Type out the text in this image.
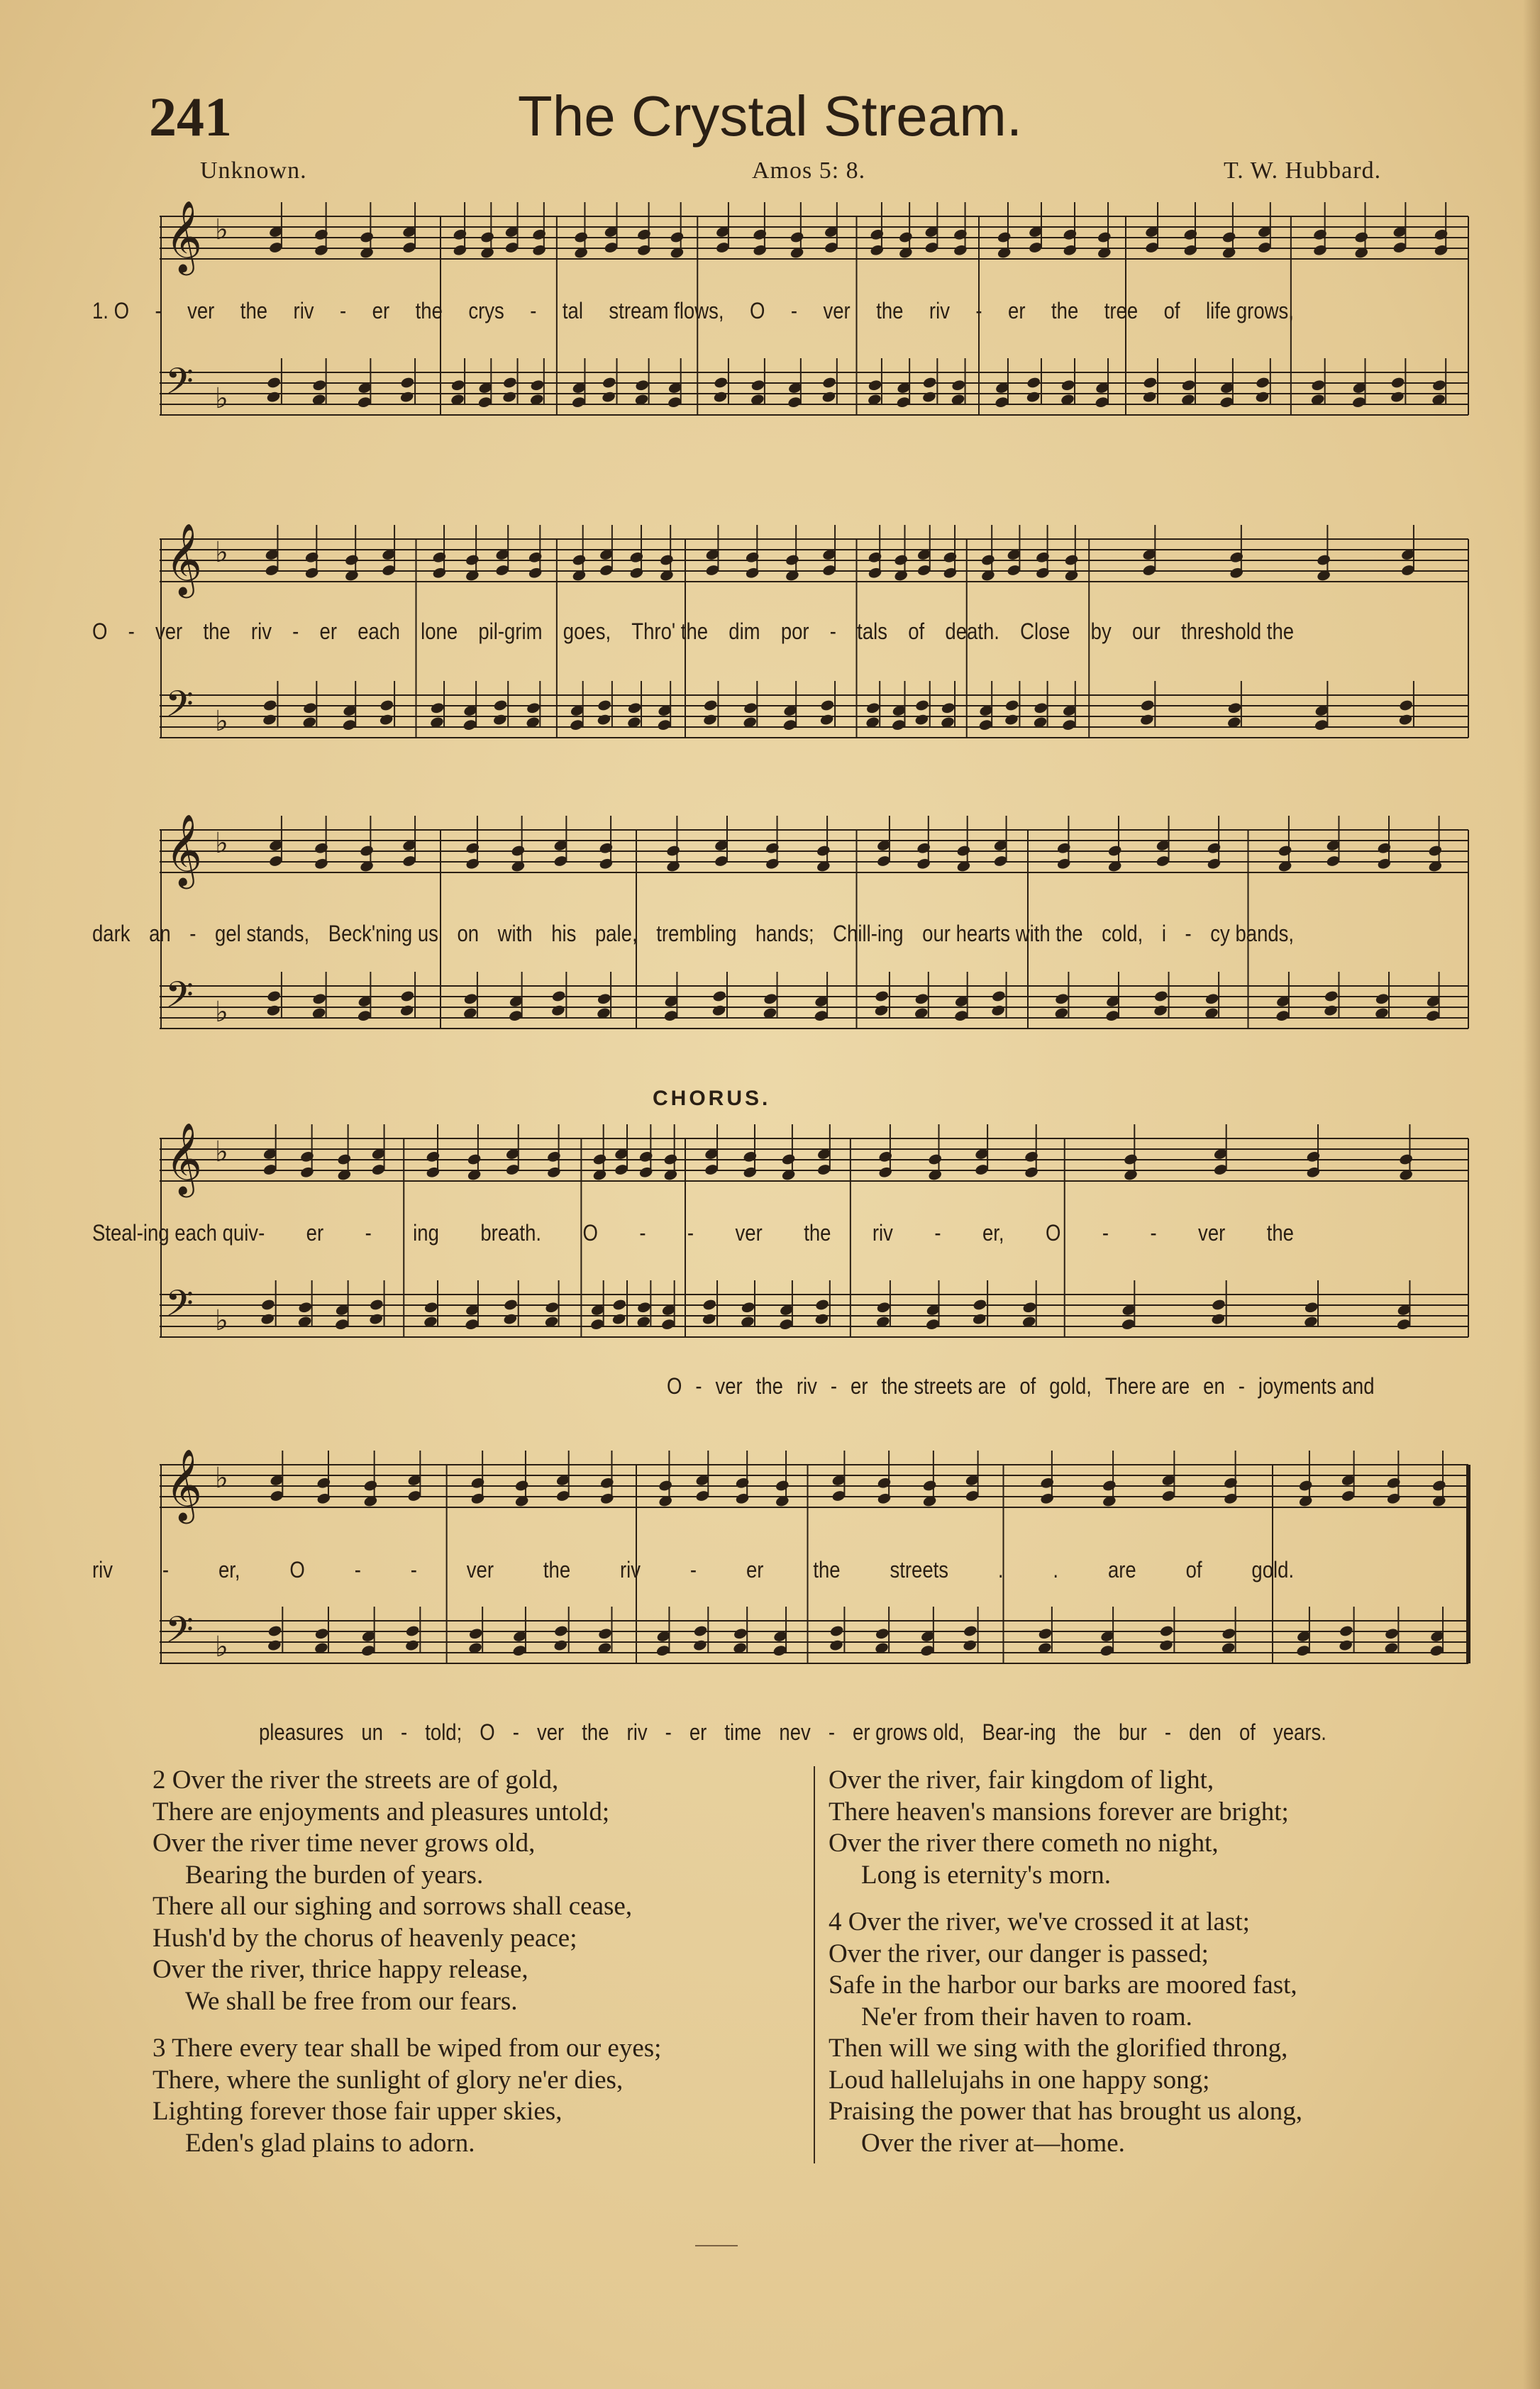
241	The Crystal Stream.
Unknown.	Amos 5: 8.	T. W. Hubbard.
𝄞 ♭
𝄢 ♭
1. O - ver the riv - er the crys - tal stream flows, O - ver the riv - er the tree of life grows,
𝄞 ♭
𝄢 ♭
O - ver the riv - er each lone pil-grim goes, Thro' the dim por - tals of death. Close by our threshold the
𝄞 ♭
𝄢 ♭
dark an - gel stands, Beck'ning us on with his pale, trembling hands; Chill-ing our hearts with the cold, i - cy bands,
CHORUS.
𝄞 ♭
𝄢 ♭
Steal-ing each quiv- er - ing breath. O - - ver the riv - er, O - - ver the
O - ver the riv - er the streets are of gold, There are en - joyments and
𝄞 ♭
𝄢 ♭
riv - er, O - - ver the riv - er the streets . . are of gold.
pleasures un - told; O - ver the riv - er time nev - er grows old, Bear-ing the bur - den of years.
2 Over the river the streets are of gold,
There are enjoyments and pleasures untold;
Over the river time never grows old,
Bearing the burden of years.
There all our sighing and sorrows shall cease,
Hush'd by the chorus of heavenly peace;
Over the river, thrice happy release,
We shall be free from our fears.
3 There every tear shall be wiped from our eyes;
There, where the sunlight of glory ne'er dies,
Lighting forever those fair upper skies,
Eden's glad plains to adorn.
Over the river, fair kingdom of light,
There heaven's mansions forever are bright;
Over the river there cometh no night,
Long is eternity's morn.
4 Over the river, we've crossed it at last;
Over the river, our danger is passed;
Safe in the harbor our barks are moored fast,
Ne'er from their haven to roam.
Then will we sing with the glorified throng,
Loud hallelujahs in one happy song;
Praising the power that has brought us along,
Over the river at—home.
